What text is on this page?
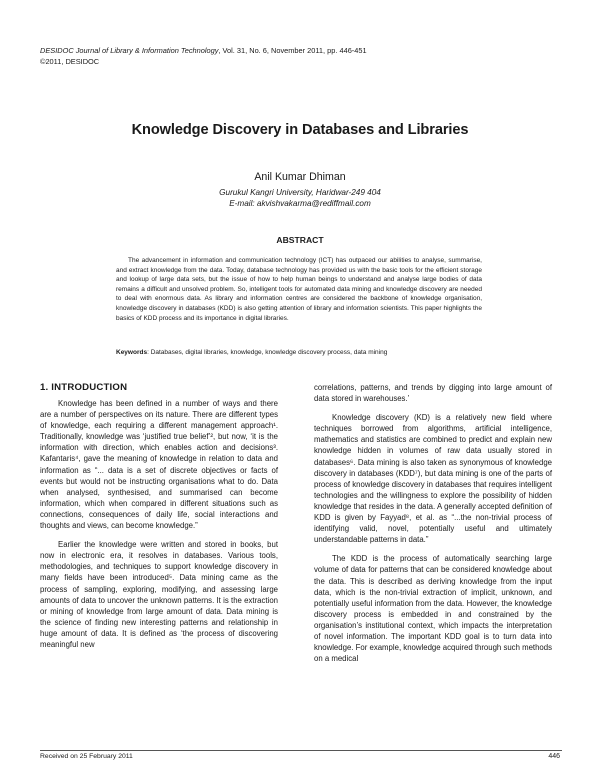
DESIDOC Journal of Library & Information Technology, Vol. 31, No. 6, November 2011, pp. 446-451
©2011, DESIDOC
Knowledge Discovery in Databases and Libraries
Anil Kumar Dhiman
Gurukul Kangri University, Haridwar-249 404
E-mail: akvishvakarma@rediffmail.com
ABSTRACT

The advancement in information and communication technology (ICT) has outpaced our abilities to analyse, summarise, and extract knowledge from the data. Today, database technology has provided us with the basic tools for the efficient storage and lookup of large data sets, but the issue of how to help human beings to understand and analyse large bodies of data remains a difficult and unsolved problem. So, intelligent tools for automated data mining and knowledge discovery are needed to deal with enormous data. As library and information centres are considered the backbone of knowledge organisation, knowledge discovery in databases (KDD) is also getting attention of library and information scientists. This paper highlights the basics of KDD process and its importance in digital libraries.

Keywords: Databases, digital libraries, knowledge, knowledge discovery process, data mining

1. INTRODUCTION

Knowledge has been defined in a number of ways and there are a number of perspectives on its nature. There are different types of knowledge, each requiring a different management approach¹. Traditionally, knowledge was ‘justified true belief’², but now, ‘it is the information with direction, which enables action and decisions³. Kafantaris⁴, gave the meaning of knowledge in relation to data and information as “... data is a set of discrete objectives or facts of events but would not be instructing organisations what to do. Data when analysed, synthesised, and summarised can become information, which when compared in different situations such as connections, consequences of daily life, social interactions and thoughts and views, can become knowledge.”

Earlier the knowledge were written and stored in books, but now in electronic era, it resolves in databases. Various tools, methodologies, and techniques to support knowledge discovery in many fields have been introduced⁵. Data mining came as the process of sampling, exploring, modifying, and assessing large amounts of data to uncover the unknown patterns. It is the extraction or mining of knowledge from large amount of data. Data mining is the science of finding new interesting patterns and relationship in huge amount of data. It is defined as ‘the process of discovering meaningful new

correlations, patterns, and trends by digging into large amount of data stored in warehouses.’

Knowledge discovery (KD) is a relatively new field where techniques borrowed from algorithms, artificial intelligence, mathematics and statistics are combined to predict and explain new knowledge hidden in volumes of raw data usually stored in databases⁶. Data mining is also taken as synonymous of knowledge discovery in databases (KDD⁷), but data mining is one of the parts of process of knowledge discovery in databases that requires intelligent technologies and the willingness to explore the possibility of hidden knowledge that resides in the data. A generally accepted definition of KDD is given by Fayyad⁸, et al. as “...the non-trivial process of identifying valid, novel, potentially useful and ultimately understandable patterns in data.”

The KDD is the process of automatically searching large volume of data for patterns that can be considered knowledge about the data. This is described as deriving knowledge from the input data, which is the non-trivial extraction of implicit, unknown, and potentially useful information from the data. However, the knowledge discovery process is embedded in and constrained by the organisation’s institutional context, which impacts the interpretation of novel information. The important KDD goal is to turn data into knowledge. For example, knowledge acquired through such methods on a medical

Received on 25 February 2011	446
